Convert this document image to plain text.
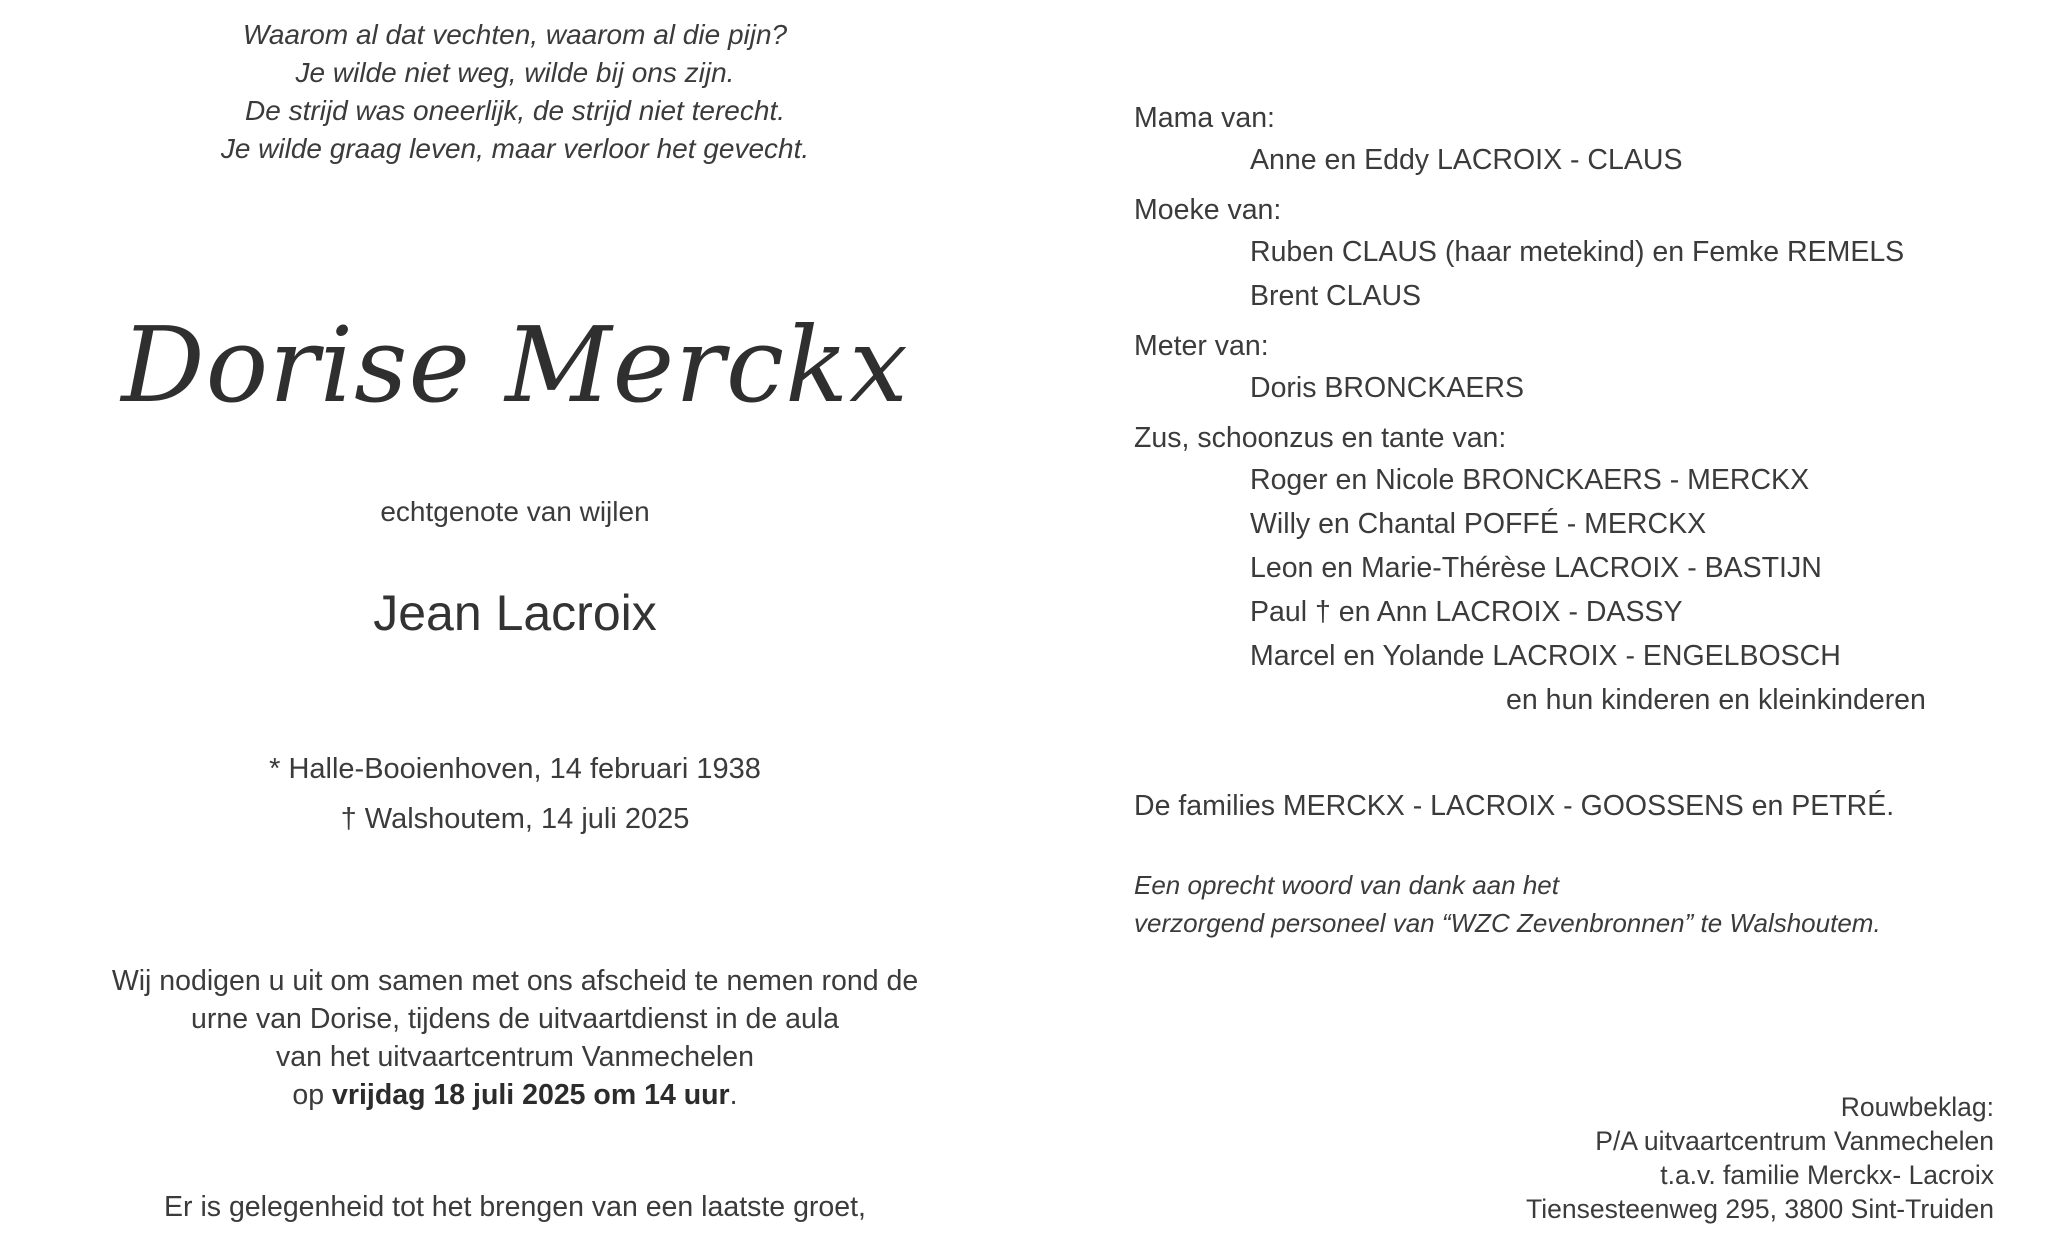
Waarom al dat vechten, waarom al die pijn?
Je wilde niet weg, wilde bij ons zijn.
De strijd was oneerlijk, de strijd niet terecht.
Je wilde graag leven, maar verloor het gevecht.
Dorise Merckx
echtgenote van wijlen
Jean Lacroix
* Halle-Booienhoven, 14 februari 1938
† Walshoutem, 14 juli 2025
Wij nodigen u uit om samen met ons afscheid te nemen rond de
urne van Dorise, tijdens de uitvaartdienst in de aula
van het uitvaartcentrum Vanmechelen
op vrijdag 18 juli 2025 om 14 uur.
Er is gelegenheid tot het brengen van een laatste groet,
Mama van:
Anne en Eddy LACROIX - CLAUS
Moeke van:
Ruben CLAUS (haar metekind) en Femke REMELS
Brent CLAUS
Meter van:
Doris BRONCKAERS
Zus, schoonzus en tante van:
Roger en Nicole BRONCKAERS - MERCKX
Willy en Chantal POFFÉ - MERCKX
Leon en Marie-Thérèse LACROIX - BASTIJN
Paul † en Ann LACROIX - DASSY
Marcel en Yolande LACROIX - ENGELBOSCH
en hun kinderen en kleinkinderen
De families MERCKX - LACROIX - GOOSSENS en PETRÉ.
Een oprecht woord van dank aan het
verzorgend personeel van “WZC Zevenbronnen” te Walshoutem.
Rouwbeklag:
P/A uitvaartcentrum Vanmechelen
t.a.v. familie Merckx- Lacroix
Tiensesteenweg 295, 3800 Sint-Truiden
